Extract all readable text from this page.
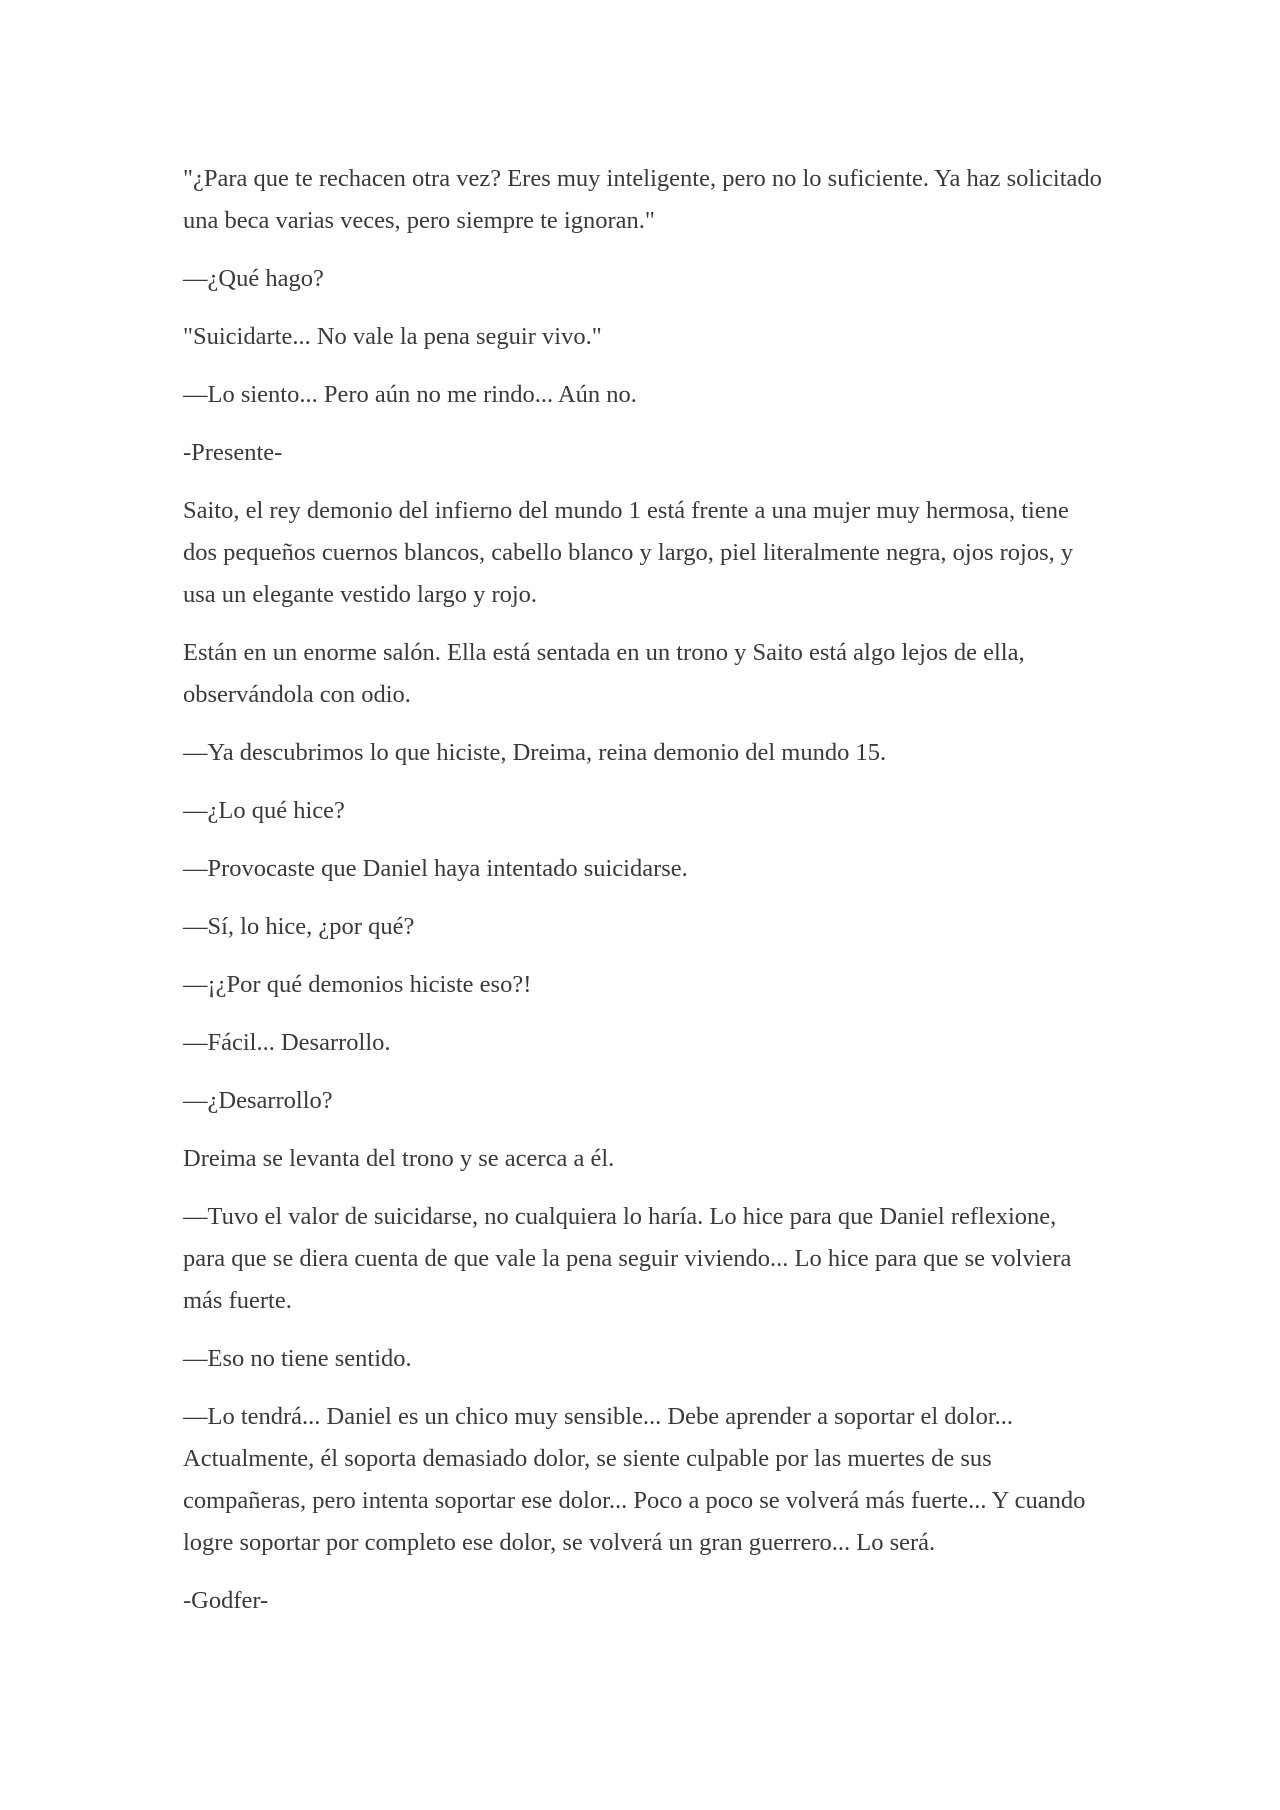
"¿Para que te rechacen otra vez? Eres muy inteligente, pero no lo suficiente. Ya haz solicitado una beca varias veces, pero siempre te ignoran."

—¿Qué hago?

"Suicidarte... No vale la pena seguir vivo."

—Lo siento... Pero aún no me rindo... Aún no.

-Presente-

Saito, el rey demonio del infierno del mundo 1 está frente a una mujer muy hermosa, tiene dos pequeños cuernos blancos, cabello blanco y largo, piel literalmente negra, ojos rojos, y usa un elegante vestido largo y rojo.

Están en un enorme salón. Ella está sentada en un trono y Saito está algo lejos de ella, observándola con odio.

—Ya descubrimos lo que hiciste, Dreima, reina demonio del mundo 15.

—¿Lo qué hice?

—Provocaste que Daniel haya intentado suicidarse.

—Sí, lo hice, ¿por qué?

—¡¿Por qué demonios hiciste eso?!

—Fácil... Desarrollo.

—¿Desarrollo?

Dreima se levanta del trono y se acerca a él.

—Tuvo el valor de suicidarse, no cualquiera lo haría. Lo hice para que Daniel reflexione, para que se diera cuenta de que vale la pena seguir viviendo... Lo hice para que se volviera más fuerte.

—Eso no tiene sentido.

—Lo tendrá... Daniel es un chico muy sensible... Debe aprender a soportar el dolor... Actualmente, él soporta demasiado dolor, se siente culpable por las muertes de sus compañeras, pero intenta soportar ese dolor... Poco a poco se volverá más fuerte... Y cuando logre soportar por completo ese dolor, se volverá un gran guerrero... Lo será.

-Godfer-
